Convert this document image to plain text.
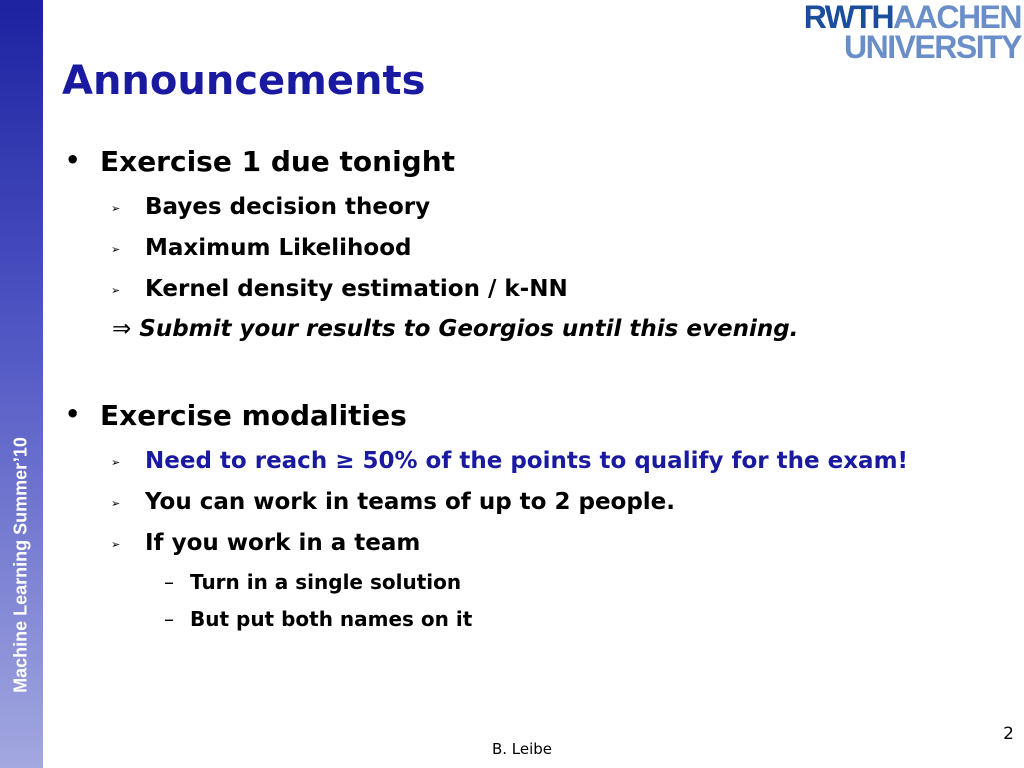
Machine Learning Summer’10
RWTHAACHEN
UNIVERSITY
Announcements
• Exercise 1 due tonight
➢ Bayes decision theory
➢ Maximum Likelihood
➢ Kernel density estimation / k-NN
⇒ Submit your results to Georgios until this evening.
• Exercise modalities
➢ Need to reach ≥ 50% of the points to qualify for the exam!
➢ You can work in teams of up to 2 people.
➢ If you work in a team
– Turn in a single solution
– But put both names on it
B. Leibe
2
